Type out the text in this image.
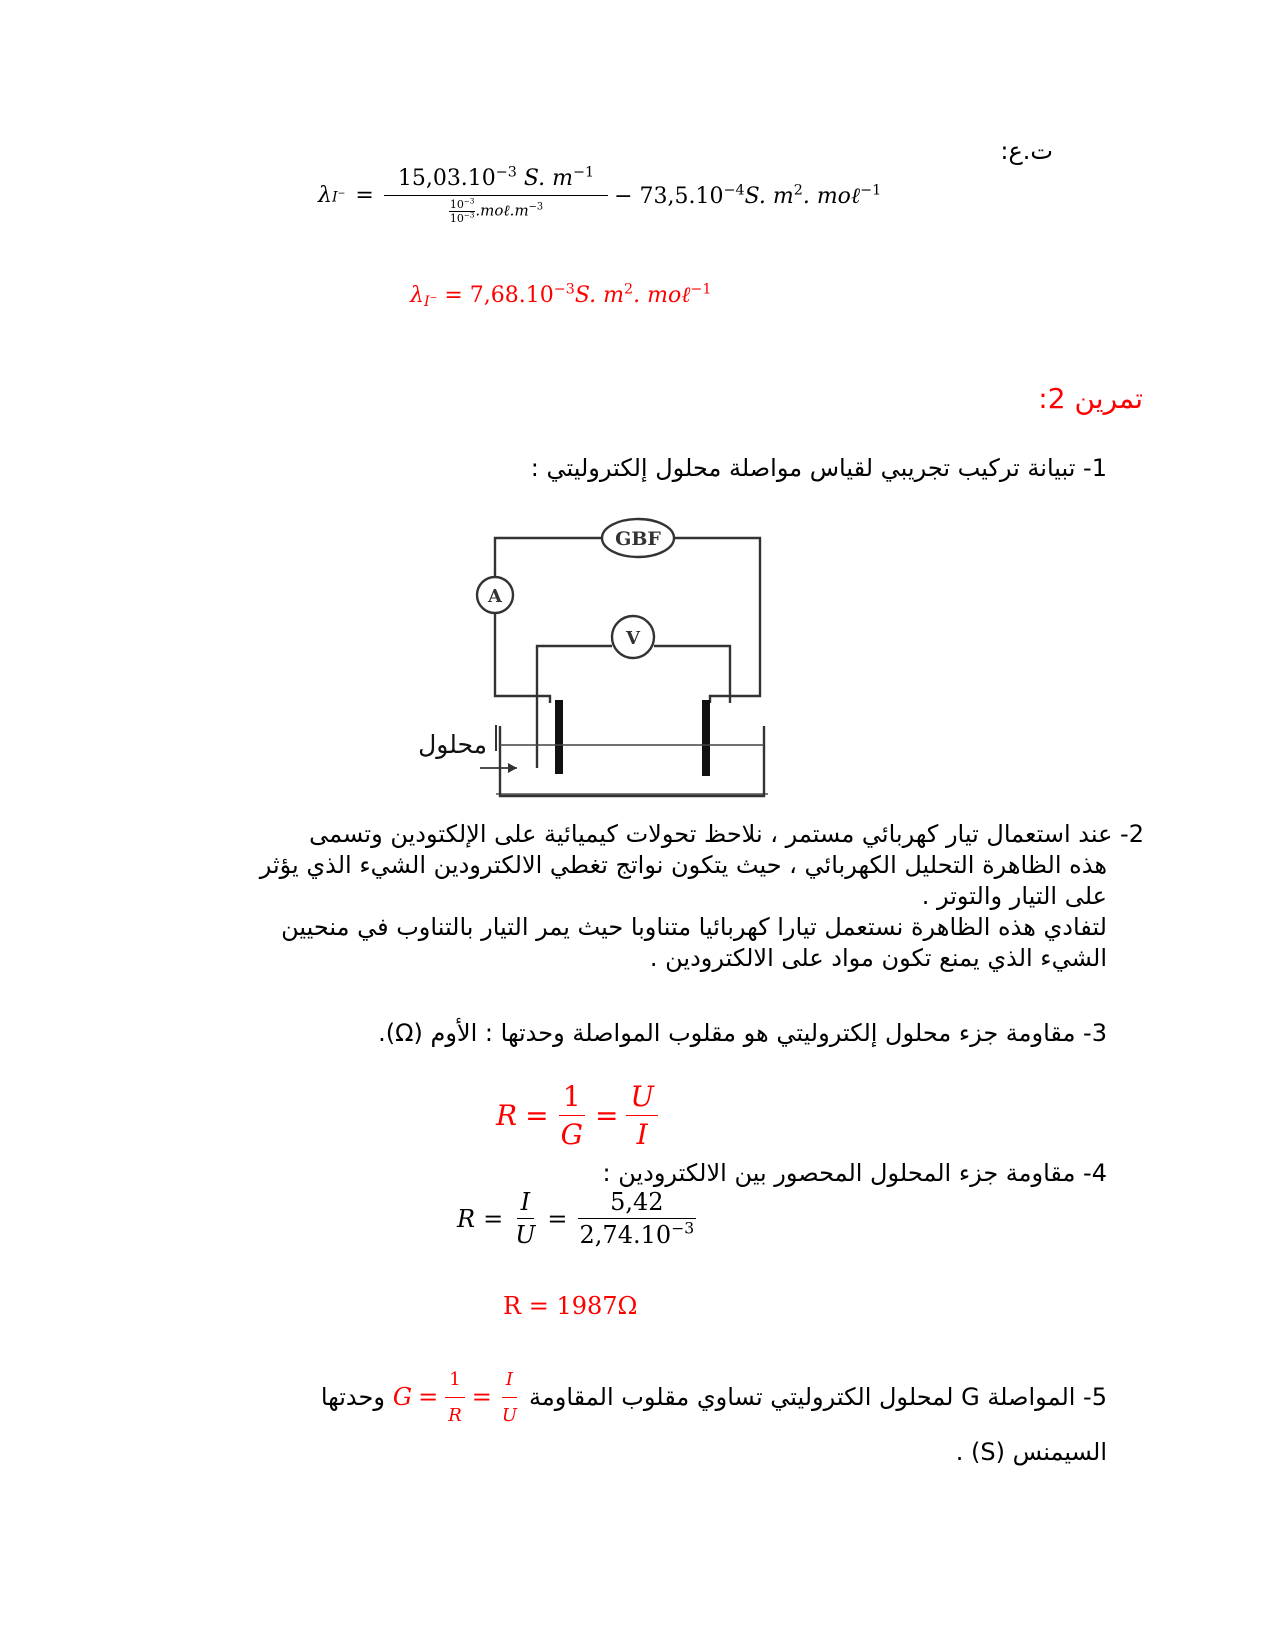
ت.ع:
λ $I^- = \frac{15,03.10^{-3} S. m^{-1}}{\frac{10^{-3}}{10^{-3}} .mo\ell.m^{-3}} - 73,5.10^{-4}S$. $m^2$. moℓ$^{-1}$
$\lambda_{I^-} = 7,68.10^{-3}S$. $m^2$. moℓ$^{-1}$
تمرين 2:
1- تبيانة تركيب تجريبي لقياس مواصلة محلول إلكتروليتي :
GBF
A
V
محلول
2- عند استعمال تيار كهربائي مستمر ، نلاحظ تحولات كيميائية على الإلكتودين وتسمى
هذه الظاهرة التحليل الكهربائي ، حيث يتكون نواتج تغطي الالكترودين الشيء الذي يؤثر
على التيار والتوتر .
لتفادي هذه الظاهرة نستعمل تيارا كهربائيا متناوبا حيث يمر التيار بالتناوب في منحيين
الشيء الذي يمنع تكون مواد على الالكترودين .
3- مقاومة جزء محلول إلكتروليتي هو مقلوب المواصلة وحدتها : الأوم (Ω).
$R = \frac{1}{G} = \frac{U}{I}$
4- مقاومة جزء المحلول المحصور بين الالكترودين :
$R = \frac{I}{U} = \frac{5,42}{2,74.10^{-3}}$
R = 1987Ω
5- المواصلة G لمحلول الكتروليتي تساوي مقلوب المقاومة
$G = \frac{1}{R} = \frac{I}{U}$
وحدتها
السيمنس (S) .
